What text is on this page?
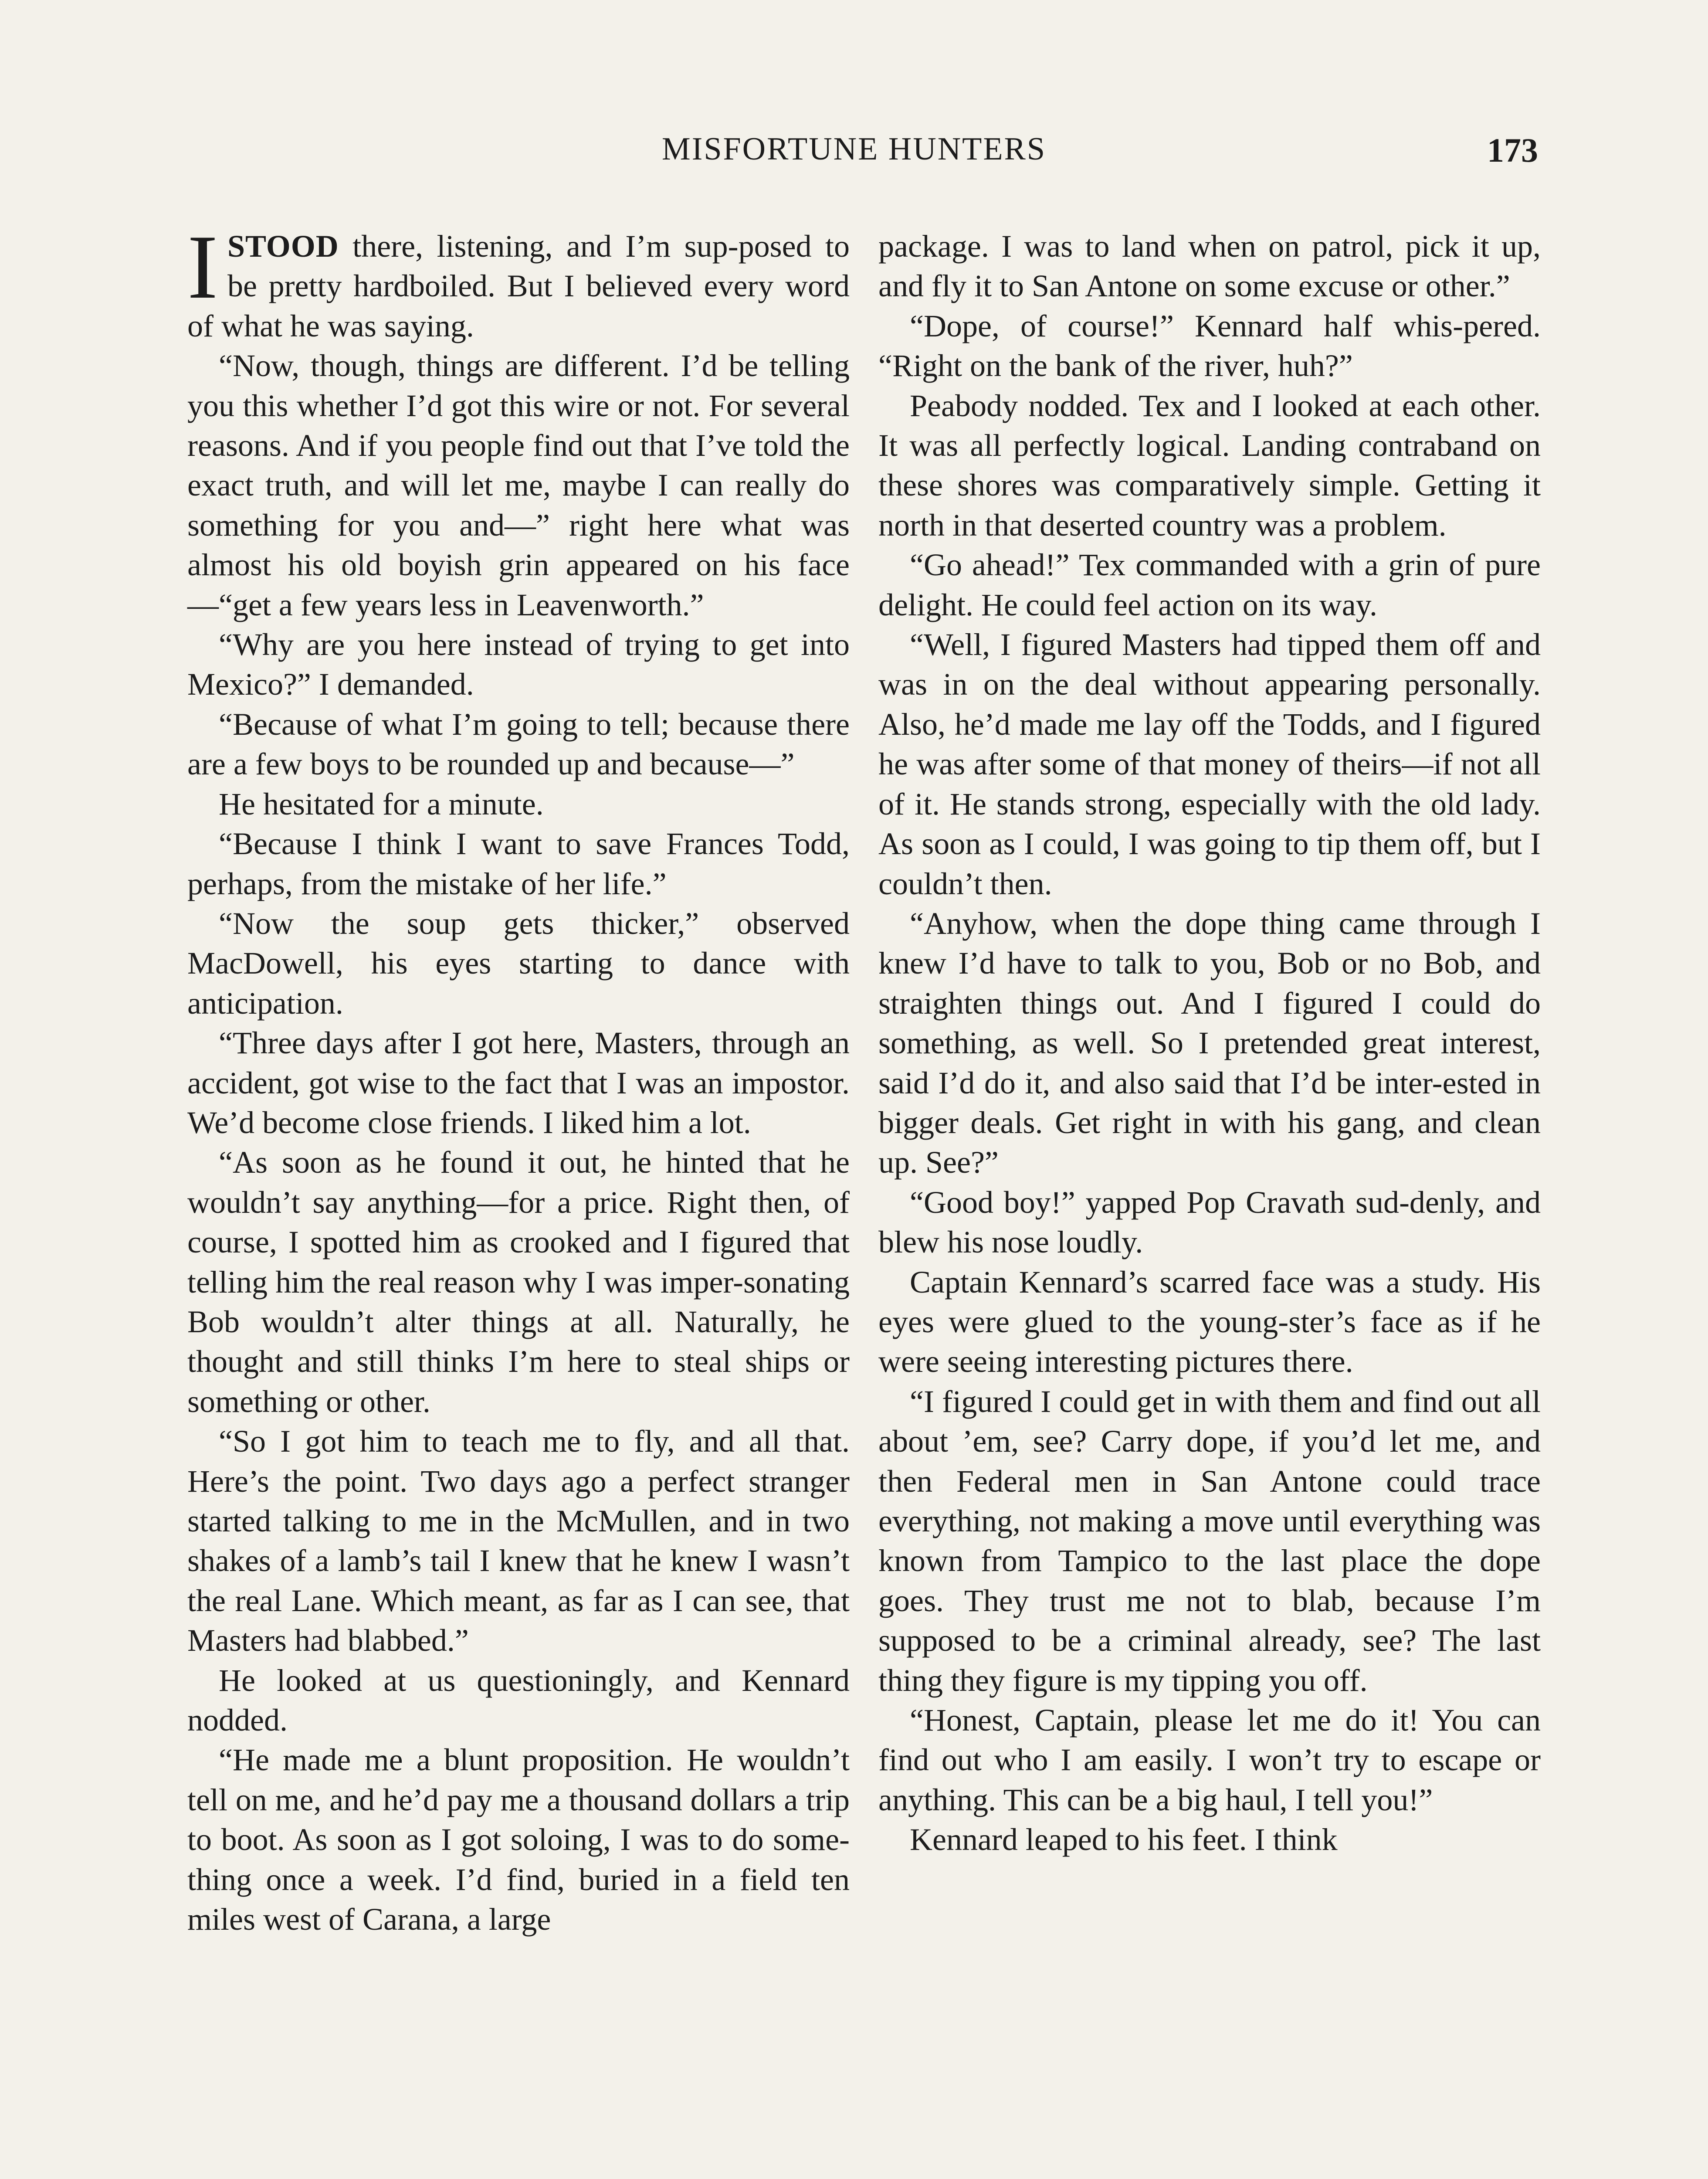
MISFORTUNE HUNTERS	173

ISTOOD there, listening, and I’m sup-posed to be pretty hardboiled. But I believed every word of what he was saying.

“Now, though, things are different. I’d be telling you this whether I’d got this wire or not. For several reasons. And if you people find out that I’ve told the exact truth, and will let me, maybe I can really do something for you and—” right here what was almost his old boyish grin appeared on his face—“get a few years less in Leavenworth.”

“Why are you here instead of trying to get into Mexico?” I demanded.

“Because of what I’m going to tell; because there are a few boys to be rounded up and because—”

He hesitated for a minute.

“Because I think I want to save Frances Todd, perhaps, from the mistake of her life.”

“Now the soup gets thicker,” observed MacDowell, his eyes starting to dance with anticipation.

“Three days after I got here, Masters, through an accident, got wise to the fact that I was an impostor. We’d become close friends. I liked him a lot.

“As soon as he found it out, he hinted that he wouldn’t say anything—for a price. Right then, of course, I spotted him as crooked and I figured that telling him the real reason why I was imper-sonating Bob wouldn’t alter things at all. Naturally, he thought and still thinks I’m here to steal ships or something or other.

“So I got him to teach me to fly, and all that. Here’s the point. Two days ago a perfect stranger started talking to me in the McMullen, and in two shakes of a lamb’s tail I knew that he knew I wasn’t the real Lane. Which meant, as far as I can see, that Masters had blabbed.”

He looked at us questioningly, and Kennard nodded.

“He made me a blunt proposition. He wouldn’t tell on me, and he’d pay me a thousand dollars a trip to boot. As soon as I got soloing, I was to do some-thing once a week. I’d find, buried in a field ten miles west of Carana, a large

package. I was to land when on patrol, pick it up, and fly it to San Antone on some excuse or other.”

“Dope, of course!” Kennard half whis-pered. “Right on the bank of the river, huh?”

Peabody nodded. Tex and I looked at each other. It was all perfectly logical. Landing contraband on these shores was comparatively simple. Getting it north in that deserted country was a problem.

“Go ahead!” Tex commanded with a grin of pure delight. He could feel action on its way.

“Well, I figured Masters had tipped them off and was in on the deal without appearing personally. Also, he’d made me lay off the Todds, and I figured he was after some of that money of theirs—if not all of it. He stands strong, especially with the old lady. As soon as I could, I was going to tip them off, but I couldn’t then.

“Anyhow, when the dope thing came through I knew I’d have to talk to you, Bob or no Bob, and straighten things out. And I figured I could do something, as well. So I pretended great interest, said I’d do it, and also said that I’d be inter-ested in bigger deals. Get right in with his gang, and clean up. See?”

“Good boy!” yapped Pop Cravath sud-denly, and blew his nose loudly.

Captain Kennard’s scarred face was a study. His eyes were glued to the young-ster’s face as if he were seeing interesting pictures there.

“I figured I could get in with them and find out all about ’em, see? Carry dope, if you’d let me, and then Federal men in San Antone could trace everything, not making a move until everything was known from Tampico to the last place the dope goes. They trust me not to blab, because I’m supposed to be a criminal already, see? The last thing they figure is my tipping you off.

“Honest, Captain, please let me do it! You can find out who I am easily. I won’t try to escape or anything. This can be a big haul, I tell you!”

Kennard leaped to his feet. I think
